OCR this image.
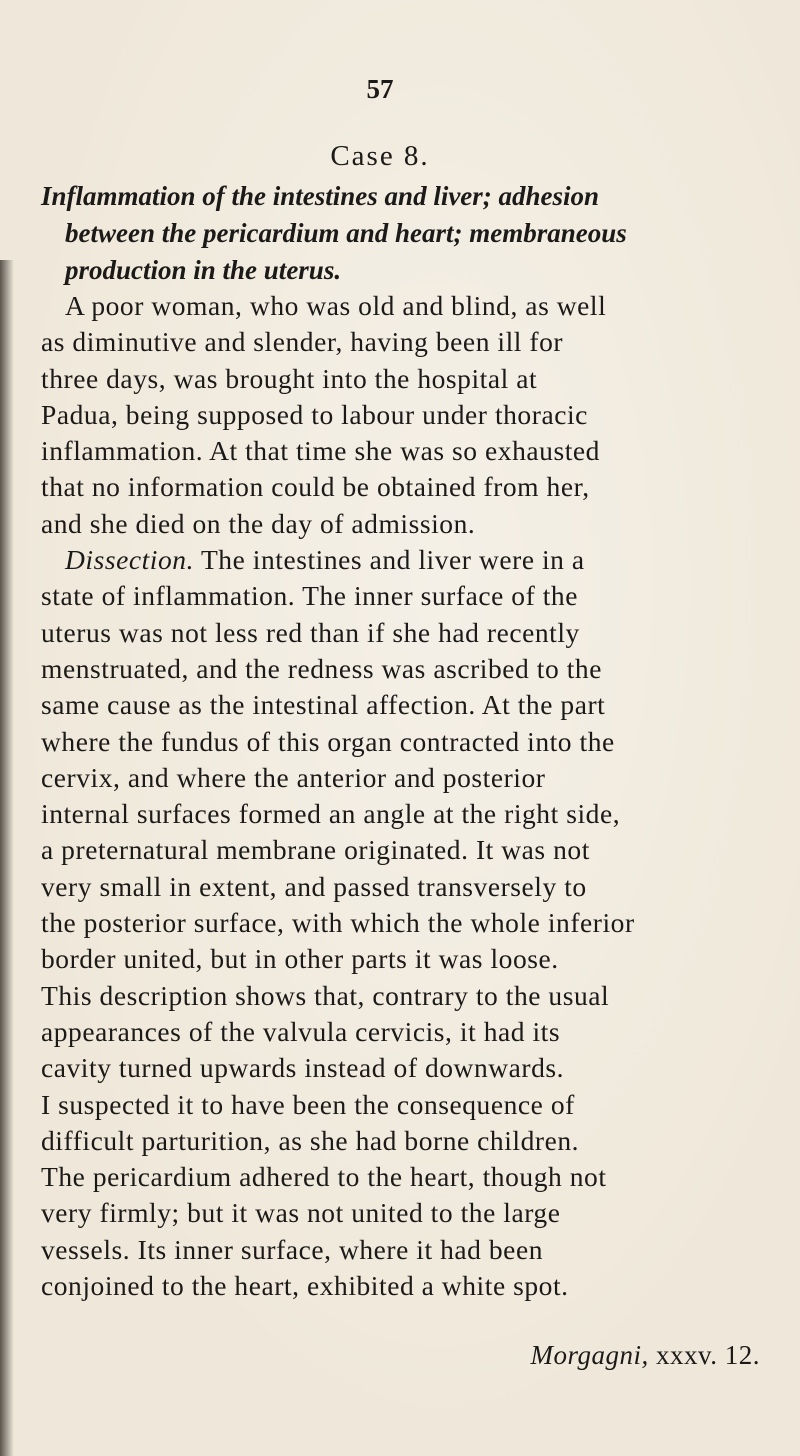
57
Case 8.
Inflammation of the intestines and liver; adhesion
between the pericardium and heart; membraneous
production in the uterus.
A poor woman, who was old and blind, as well
as diminutive and slender, having been ill for
three days, was brought into the hospital at
Padua, being supposed to labour under thoracic
inflammation. At that time she was so exhausted
that no information could be obtained from her,
and she died on the day of admission.
Dissection. The intestines and liver were in a
state of inflammation. The inner surface of the
uterus was not less red than if she had recently
menstruated, and the redness was ascribed to the
same cause as the intestinal affection. At the part
where the fundus of this organ contracted into the
cervix, and where the anterior and posterior
internal surfaces formed an angle at the right side,
a preternatural membrane originated. It was not
very small in extent, and passed transversely to
the posterior surface, with which the whole inferior
border united, but in other parts it was loose.
This description shows that, contrary to the usual
appearances of the valvula cervicis, it had its
cavity turned upwards instead of downwards.
I suspected it to have been the consequence of
difficult parturition, as she had borne children.
The pericardium adhered to the heart, though not
very firmly; but it was not united to the large
vessels. Its inner surface, where it had been
conjoined to the heart, exhibited a white spot.
Morgagni, xxxv. 12.
